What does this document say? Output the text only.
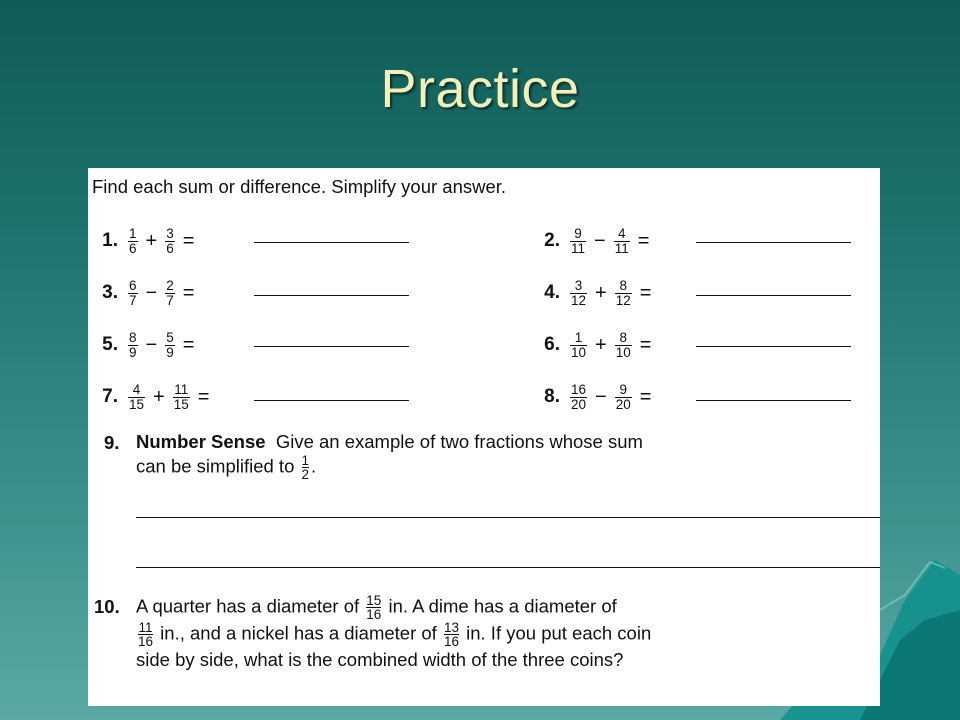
Practice
Find each sum or difference. Simplify your answer.
1. $\frac{1}{6} + \frac{3}{6}$ =	2. $\frac{9}{11} - \frac{4}{11}$ =
3. $\frac{6}{7} - \frac{2}{7}$ =	4. $\frac{3}{12} + \frac{8}{12}$ =
5. $\frac{8}{9} - \frac{5}{9}$ =	6. $\frac{1}{10} + \frac{8}{10}$ =
7. $\frac{4}{15} + \frac{11}{15}$ =	8. $\frac{16}{20} - \frac{9}{20}$ =
9. Number Sense Give an example of two fractions whose sum
can be simplified to $\frac{1}{2}$ .
10. A quarter has a diameter of $\frac{15}{16}$ in. A dime has a diameter of
$\frac{11}{16}$ in., and a nickel has a diameter of $\frac{13}{16}$ in. If you put each coin
side by side, what is the combined width of the three coins?
